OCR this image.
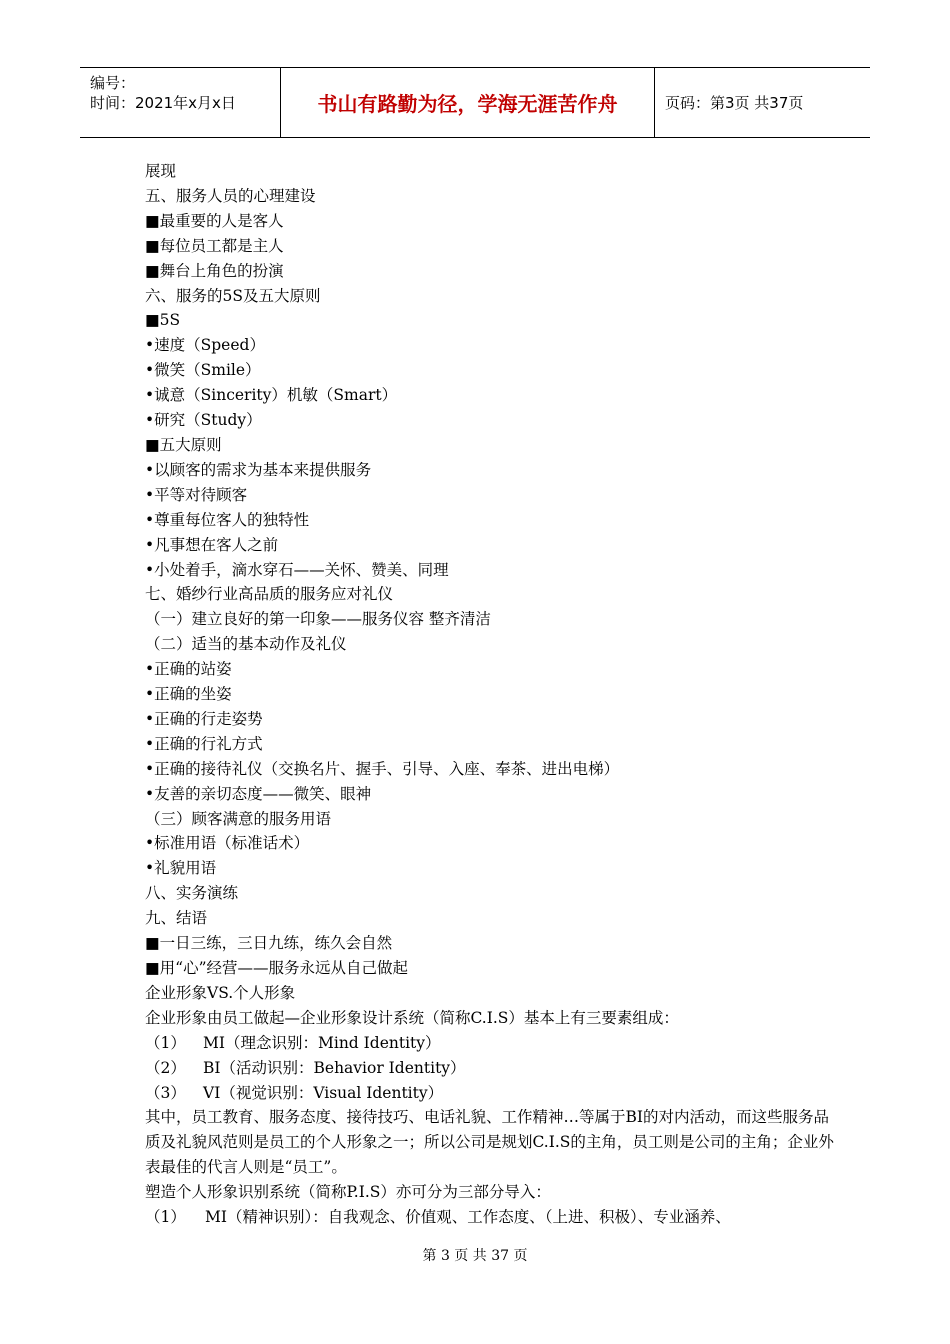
编号：
时间：2021年x月x日	书山有路勤为径，学海无涯苦作舟	页码：第3页 共37页
展现
五、服务人员的心理建设
■最重要的人是客人
■每位员工都是主人
■舞台上角色的扮演
六、服务的5S及五大原则
■5S
•速度（Speed）
•微笑（Smile）
•诚意（Sincerity）机敏（Smart）
•研究（Study）
■五大原则
•以顾客的需求为基本来提供服务
•平等对待顾客
•尊重每位客人的独特性
•凡事想在客人之前
•小处着手，滴水穿石——关怀、赞美、同理
七、婚纱行业高品质的服务应对礼仪
（一）建立良好的第一印象——服务仪容 整齐清洁
（二）适当的基本动作及礼仪
•正确的站姿
•正确的坐姿
•正确的行走姿势
•正确的行礼方式
•正确的接待礼仪（交换名片、握手、引导、入座、奉茶、进出电梯）
•友善的亲切态度——微笑、眼神
（三）顾客满意的服务用语
•标准用语（标准话术）
•礼貌用语
八、实务演练
九、结语
■一日三练，三日九练，练久会自然
■用“心”经营——服务永远从自己做起
企业形象VS.个人形象
企业形象由员工做起—企业形象设计系统（简称C.I.S）基本上有三要素组成：
（1） MI（理念识别：Mind Identity）
（2） BI（活动识别：Behavior Identity）
（3） VI（视觉识别：Visual Identity）
其中，员工教育、服务态度、接待技巧、电话礼貌、工作精神…等属于BI的对内活动，而这些服务品质及礼貌风范则是员工的个人形象之一；所以公司是规划C.I.S的主角，员工则是公司的主角；企业外表最佳的代言人则是“员工”。
塑造个人形象识别系统（简称P.I.S）亦可分为三部分导入：
（1） MI（精神识别）：自我观念、价值观、工作态度、（上进、积极）、专业涵养、
第 3 页 共 37 页
